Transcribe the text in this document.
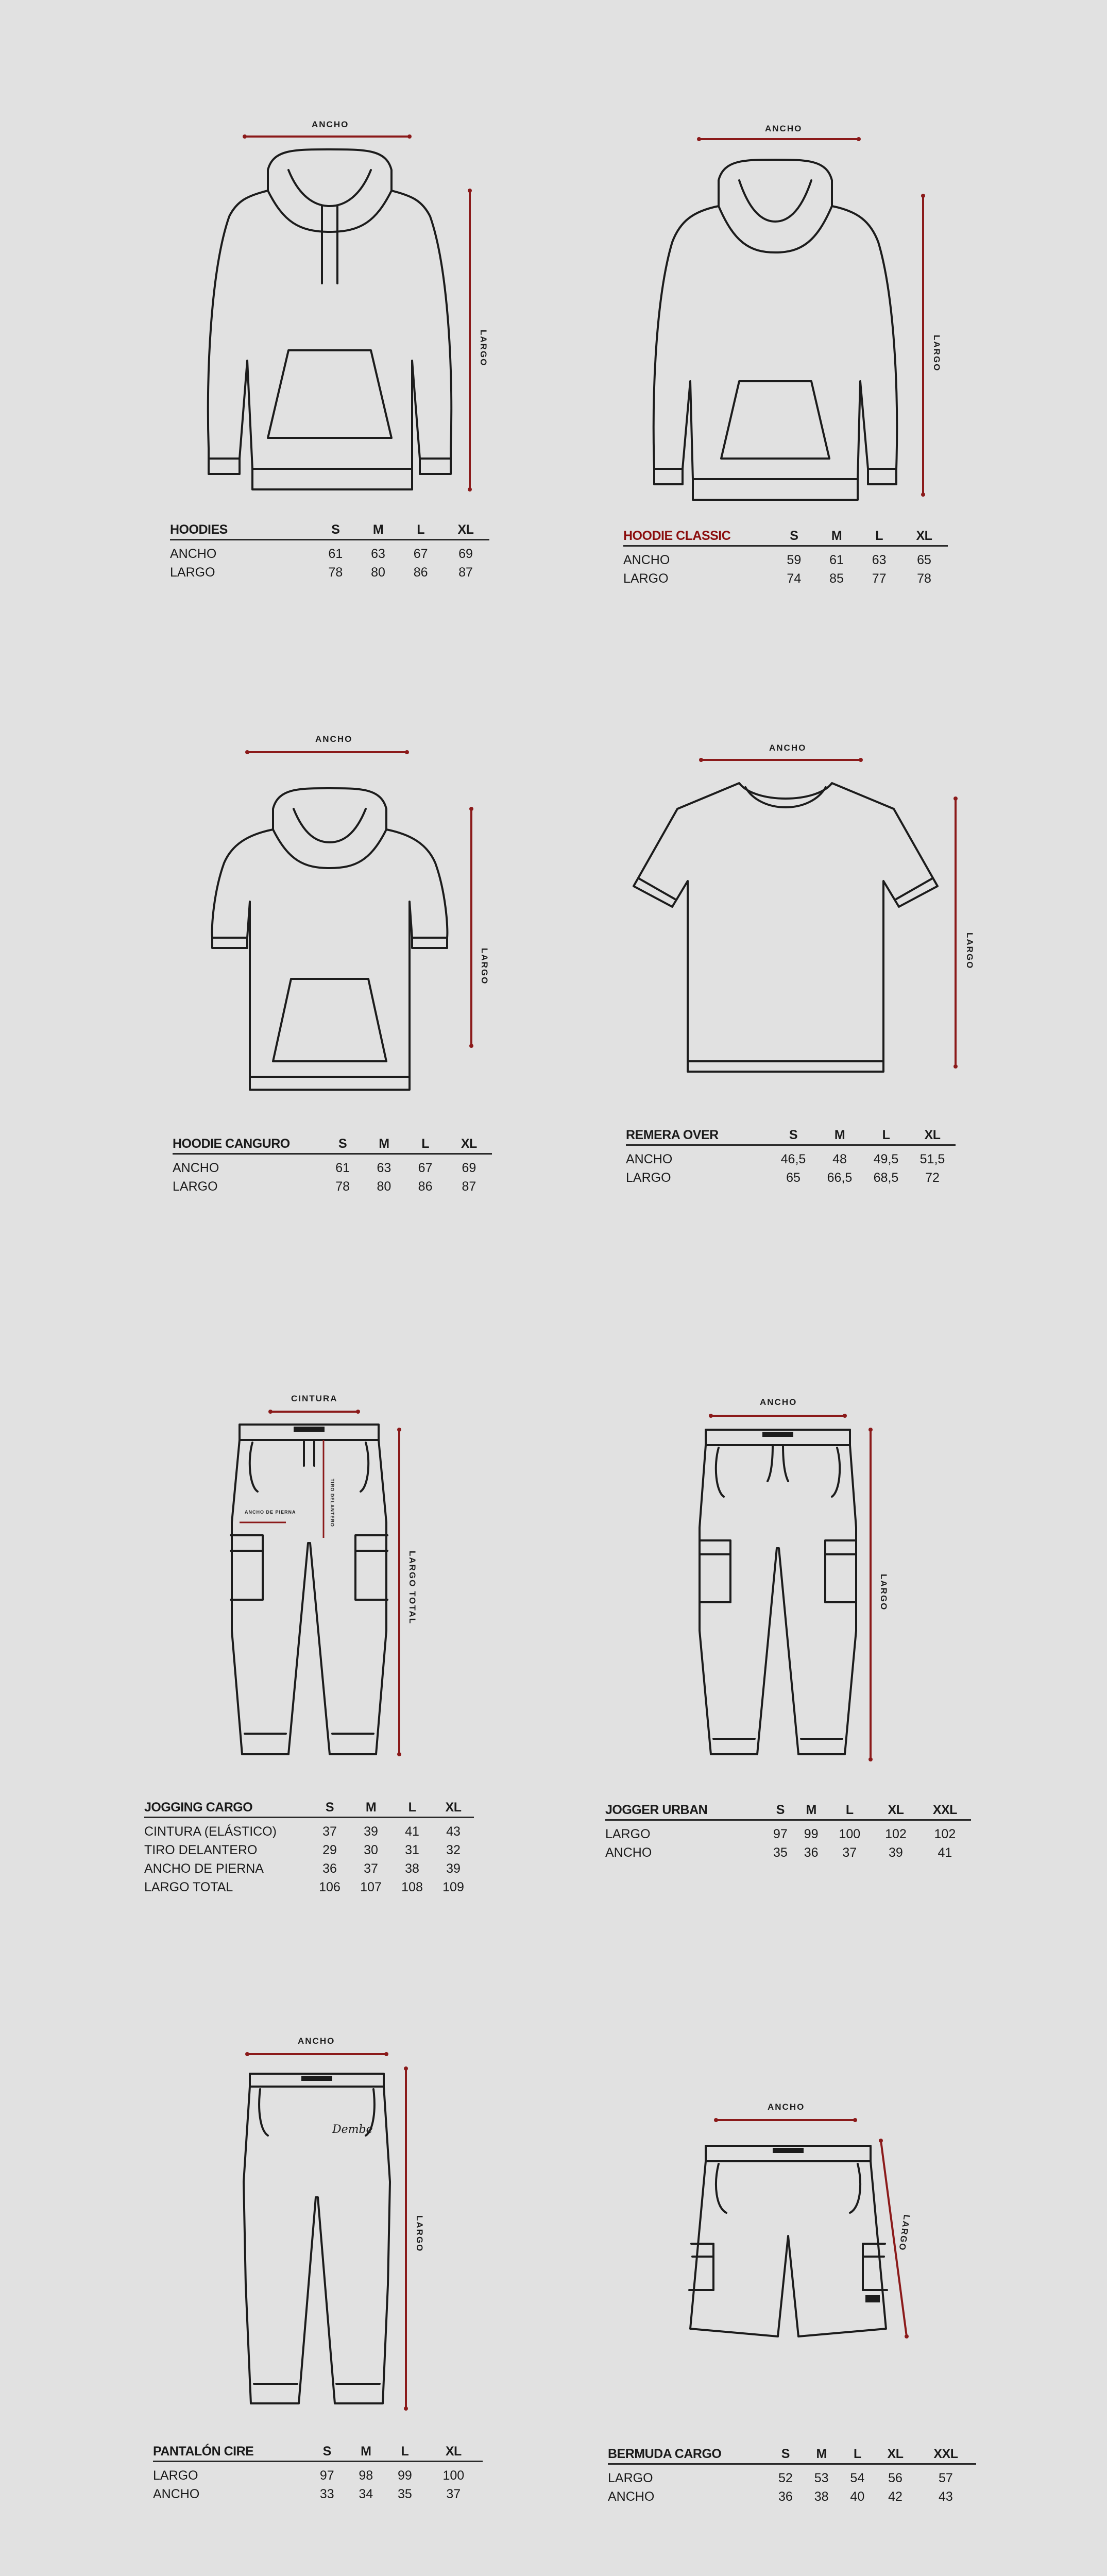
ANCHO
LARGO
HOODIES	S	M	L	XL
ANCHO	61	63	67	69
LARGO	78	80	86	87
ANCHO
LARGO
HOODIE CLASSIC	S	M	L	XL
ANCHO	59	61	63	65
LARGO	74	85	77	78
ANCHO
LARGO
HOODIE CANGURO	S	M	L	XL
ANCHO	61	63	67	69
LARGO	78	80	86	87
ANCHO
LARGO
REMERA OVER	S	M	L	XL
ANCHO	46,5	48	49,5	51,5
LARGO	65	66,5	68,5	72
CINTURA
TIRO DELANTERO
ANCHO DE PIERNA
LARGO TOTAL
JOGGING CARGO	S	M	L	XL
CINTURA (ELÁSTICO)	37	39	41	43
TIRO DELANTERO	29	30	31	32
ANCHO DE PIERNA	36	37	38	39
LARGO TOTAL	106	107	108	109
ANCHO
LARGO
JOGGER URBAN	S	M	L	XL	XXL
LARGO	97	99	100	102	102
ANCHO	35	36	37	39	41
Dembe
ANCHO
LARGO
PANTALÓN CIRE	S	M	L	XL
LARGO	97	98	99	100
ANCHO	33	34	35	37
ANCHO
LARGO
BERMUDA CARGO	S	M	L	XL	XXL
LARGO	52	53	54	56	57
ANCHO	36	38	40	42	43
